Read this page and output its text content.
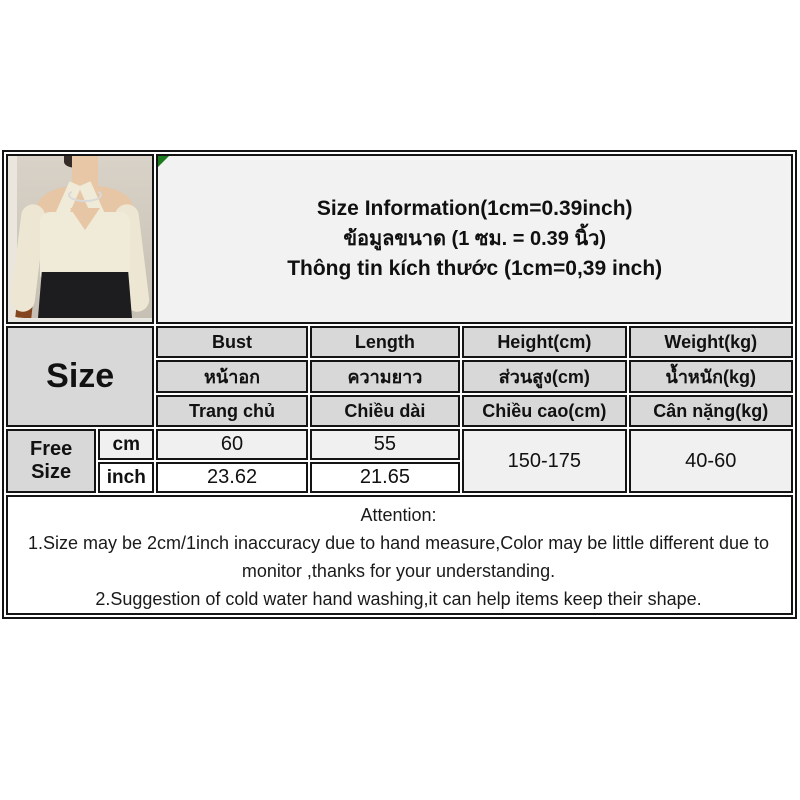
		Size Information(1cm=0.39inch)
ข้อมูลขนาด (1 ซม. = 0.39 นิ้ว)
Thông tin kích thước (1cm=0,39 inch)			

Size		Bust	Length	Height(cm)	Weight(kg)
		หน้าอก	ความยาว	ส่วนสูง(cm)	น้ำหนัก(kg)
		Trang chủ	Chiều dài	Chiều cao(cm)	Cân nặng(kg)
Free Size	cm	60	55	150-175	40-60
	inch	23.62	21.65		

Attention:
1.Size may be 2cm/1inch inaccuracy due to hand measure,Color may be little different due to monitor ,thanks for your understanding.
2.Suggestion of cold water hand washing,it can help items keep their shape.					
